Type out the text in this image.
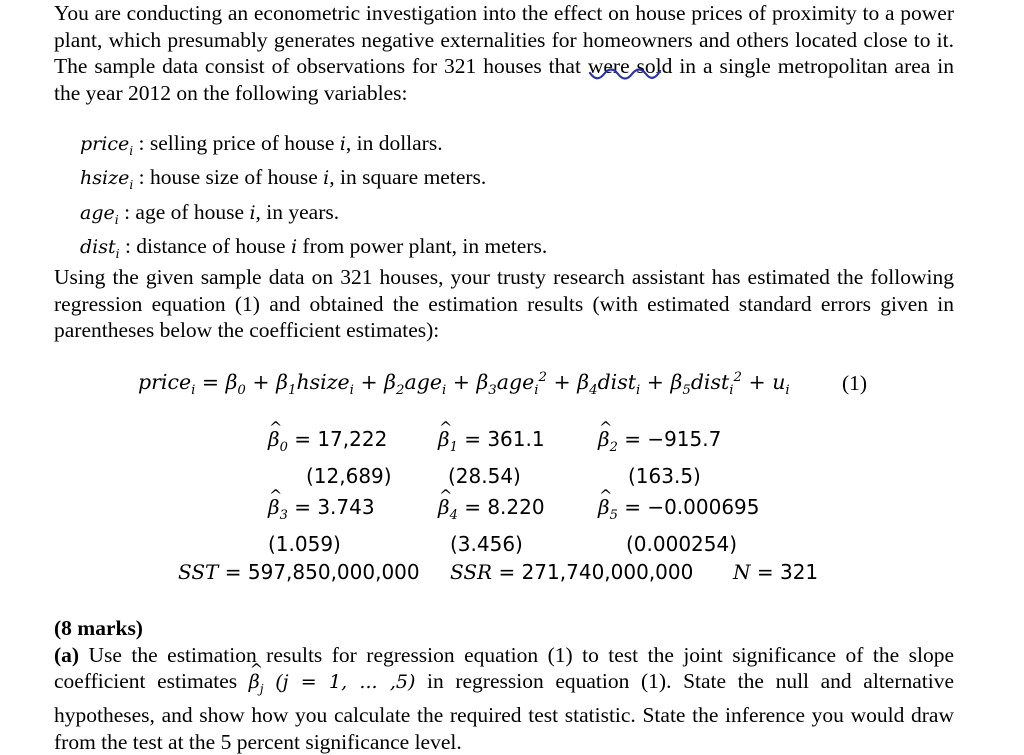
You are conducting an econometric investigation into the effect on house prices of proximity to a power plant, which presumably generates negative externalities for homeowners and others located close to it. The sample data consist of observations for 321 houses that were sold in a single metropolitan area in the year 2012 on the following variables:

price$_i$ : selling price of house i, in dollars.
hsize$_i$ : house size of house i, in square meters.
age$_i$ : age of house i, in years.
dist$_i$ : distance of house i from power plant, in meters.

Using the given sample data on 321 houses, your trusty research assistant has estimated the following regression equation (1) and obtained the estimation results (with estimated standard errors given in parentheses below the coefficient estimates):

price$_i$ = $\beta_0$ + $\beta_1hsize_i + \beta_2age_i + \beta_3age_i^2$ + $\beta_4dist_i$ + $\beta_5dist_i^2 + u_i$ (1)
^ $\beta_0 = 17,222$
(12,689)
^ $\beta_1 = 361.1$
(28.54)
^ $\beta_2 = -915.7$
(163.5)
^ $\beta_3 = 3.743$
(1.059)
^ $\beta_4 = 8.220$
(3.456)
^ $\beta_5 = -0.000695$
(0.000254)
SST = 597,850,000,000 SSR = 271,740,000,000 N = 321

(8 marks)
(a) Use the estimation results for regression equation (1) to test the joint significance of the slope coefficient estimates ^ $\beta_j$ (j = 1, ... ,5) in regression equation (1). State the null and alternative hypotheses, and show how you calculate the required test statistic. State the inference you would draw from the test at the 5 percent significance level.
